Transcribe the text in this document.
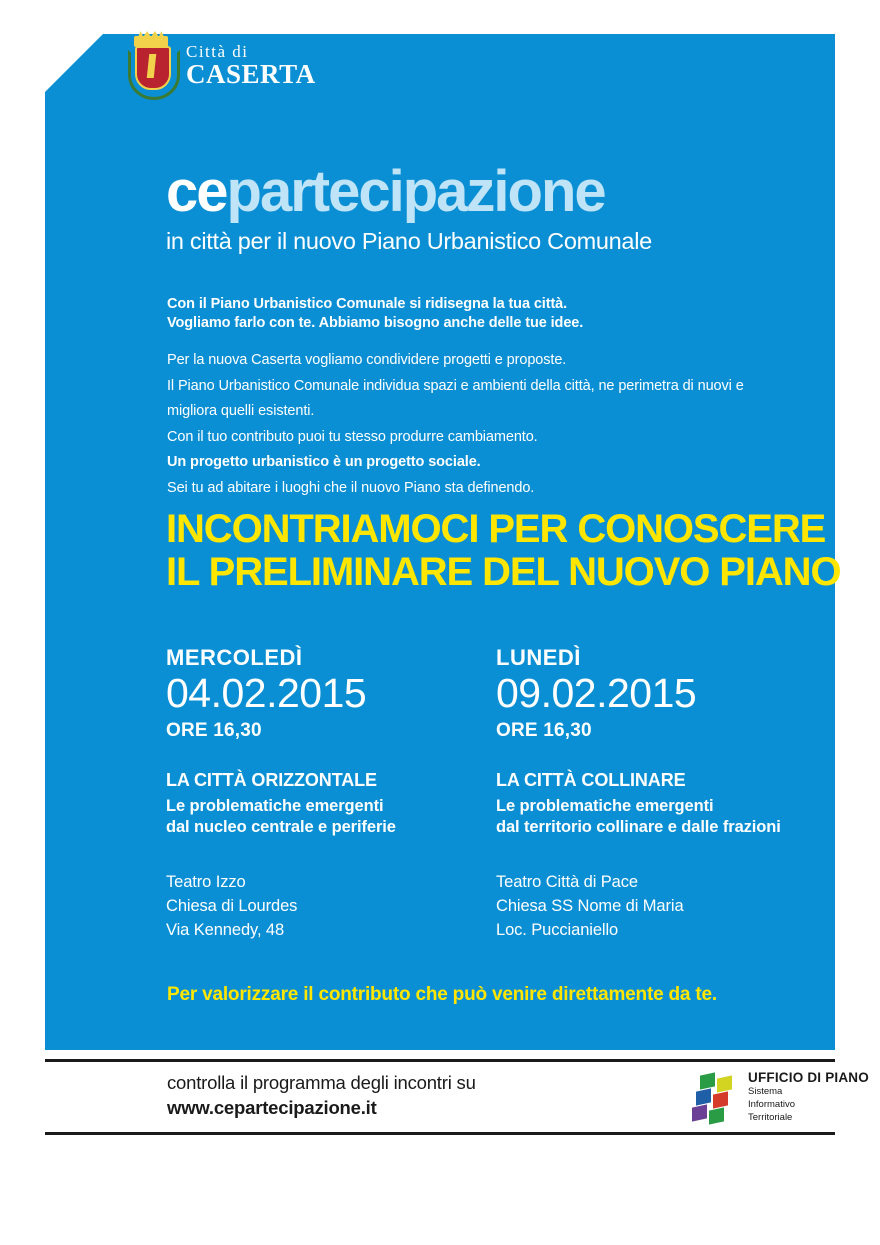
Città di
CASERTA
cepartecipazione
in città per il nuovo Piano Urbanistico Comunale

Con il Piano Urbanistico Comunale si ridisegna la tua città.

Vogliamo farlo con te. Abbiamo bisogno anche delle tue idee.

Per la nuova Caserta vogliamo condividere progetti e proposte.

Il Piano Urbanistico Comunale individua spazi e ambienti della città, ne perimetra di nuovi e

migliora quelli esistenti.

Con il tuo contributo puoi tu stesso produrre cambiamento.

Un progetto urbanistico è un progetto sociale.

Sei tu ad abitare i luoghi che il nuovo Piano sta definendo.

INCONTRIAMOCI PER CONOSCERE
IL PRELIMINARE DEL NUOVO PIANO
MERCOLEDÌ
04.02.2015
ORE 16,30
LA CITTÀ ORIZZONTALE
Le problematiche emergenti
dal nucleo centrale e periferie
Teatro Izzo
Chiesa di Lourdes
Via Kennedy, 48
LUNEDÌ
09.02.2015
ORE 16,30
LA CITTÀ COLLINARE
Le problematiche emergenti
dal territorio collinare e dalle frazioni
Teatro Città di Pace
Chiesa SS Nome di Maria
Loc. Puccianiello
Per valorizzare il contributo che può venire direttamente da te.
controlla il programma degli incontri su
www.cepartecipazione.it
UFFICIO DI PIANO
Sistema
Informativo
Territoriale
